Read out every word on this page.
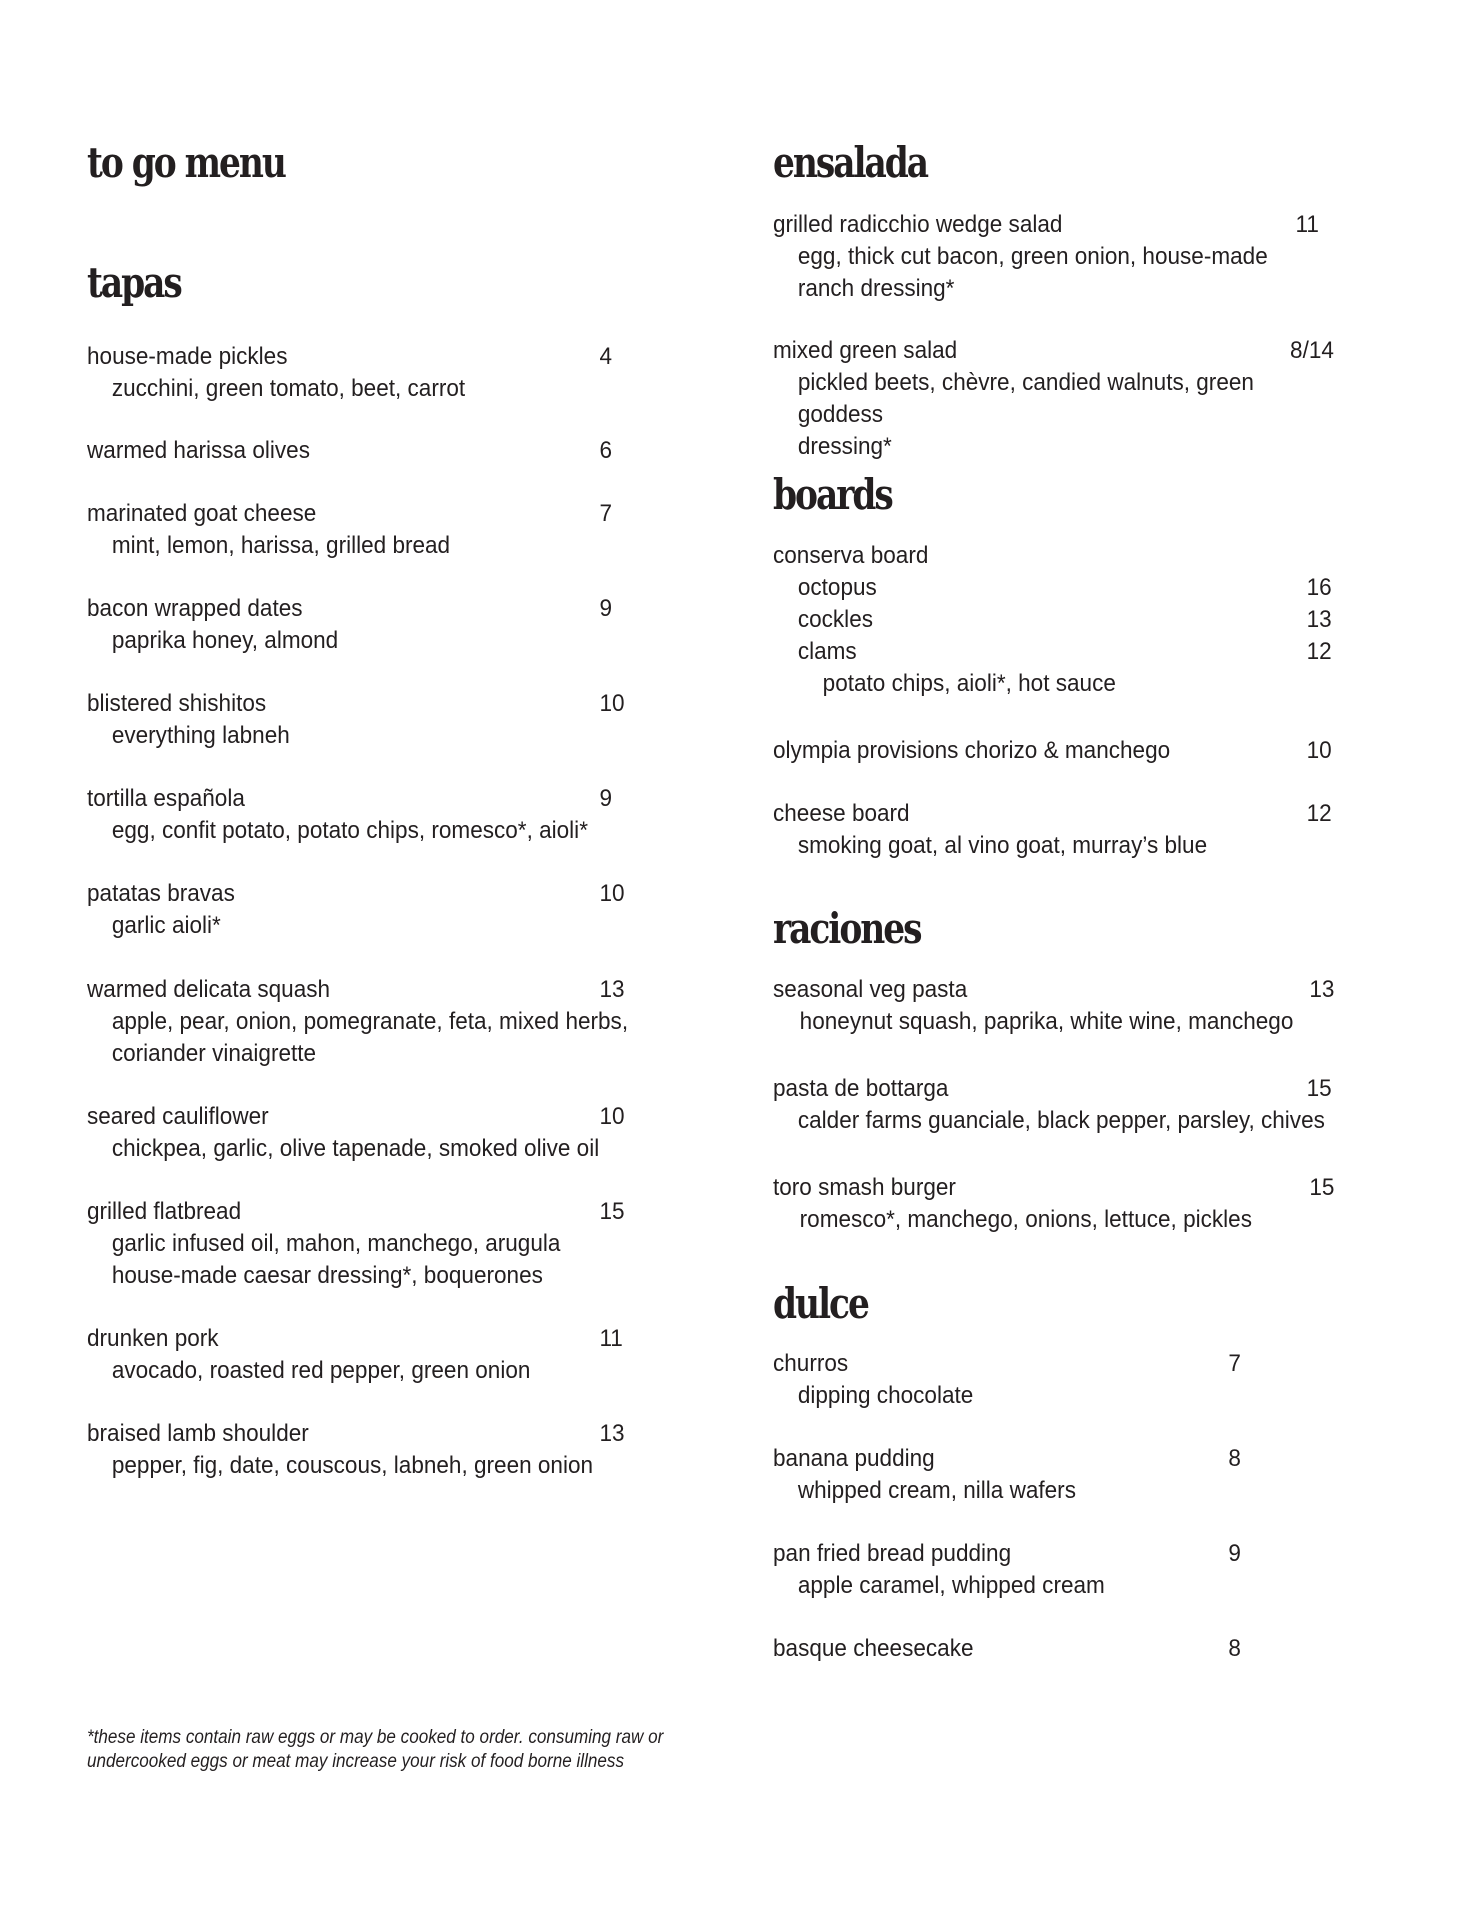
to go menu
tapas
house-made pickles	4
zucchini, green tomato, beet, carrot
warmed harissa olives	6
marinated goat cheese	7
mint, lemon, harissa, grilled bread
bacon wrapped dates	9
paprika honey, almond
blistered shishitos	10
everything labneh
tortilla española	9
egg, confit potato, potato chips, romesco*, aioli*
patatas bravas	10
garlic aioli*
warmed delicata squash	13
apple, pear, onion, pomegranate, feta, mixed herbs,
coriander vinaigrette
seared cauliflower	10
chickpea, garlic, olive tapenade, smoked olive oil
grilled flatbread	15
garlic infused oil, mahon, manchego, arugula
house-made caesar dressing*, boquerones
drunken pork	11
avocado, roasted red pepper, green onion
braised lamb shoulder	13
pepper, fig, date, couscous, labneh, green onion
ensalada
grilled radicchio wedge salad	11
egg, thick cut bacon, green onion, house-made
ranch dressing*
mixed green salad	8/14
pickled beets, chèvre, candied walnuts, green goddess
dressing*
boards
conserva board
octopus	16
cockles	13
clams	12
potato chips, aioli*, hot sauce
olympia provisions chorizo & manchego	10
cheese board	12
smoking goat, al vino goat, murray’s blue
raciones
seasonal veg pasta	13
honeynut squash, paprika, white wine, manchego
pasta de bottarga	15
calder farms guanciale, black pepper, parsley, chives
toro smash burger	15
romesco*, manchego, onions, lettuce, pickles
dulce
churros	7
dipping chocolate
banana pudding	8
whipped cream, nilla wafers
pan fried bread pudding	9
apple caramel, whipped cream
basque cheesecake	8
*these items contain raw eggs or may be cooked to order. consuming raw or
undercooked eggs or meat may increase your risk of food borne illness
